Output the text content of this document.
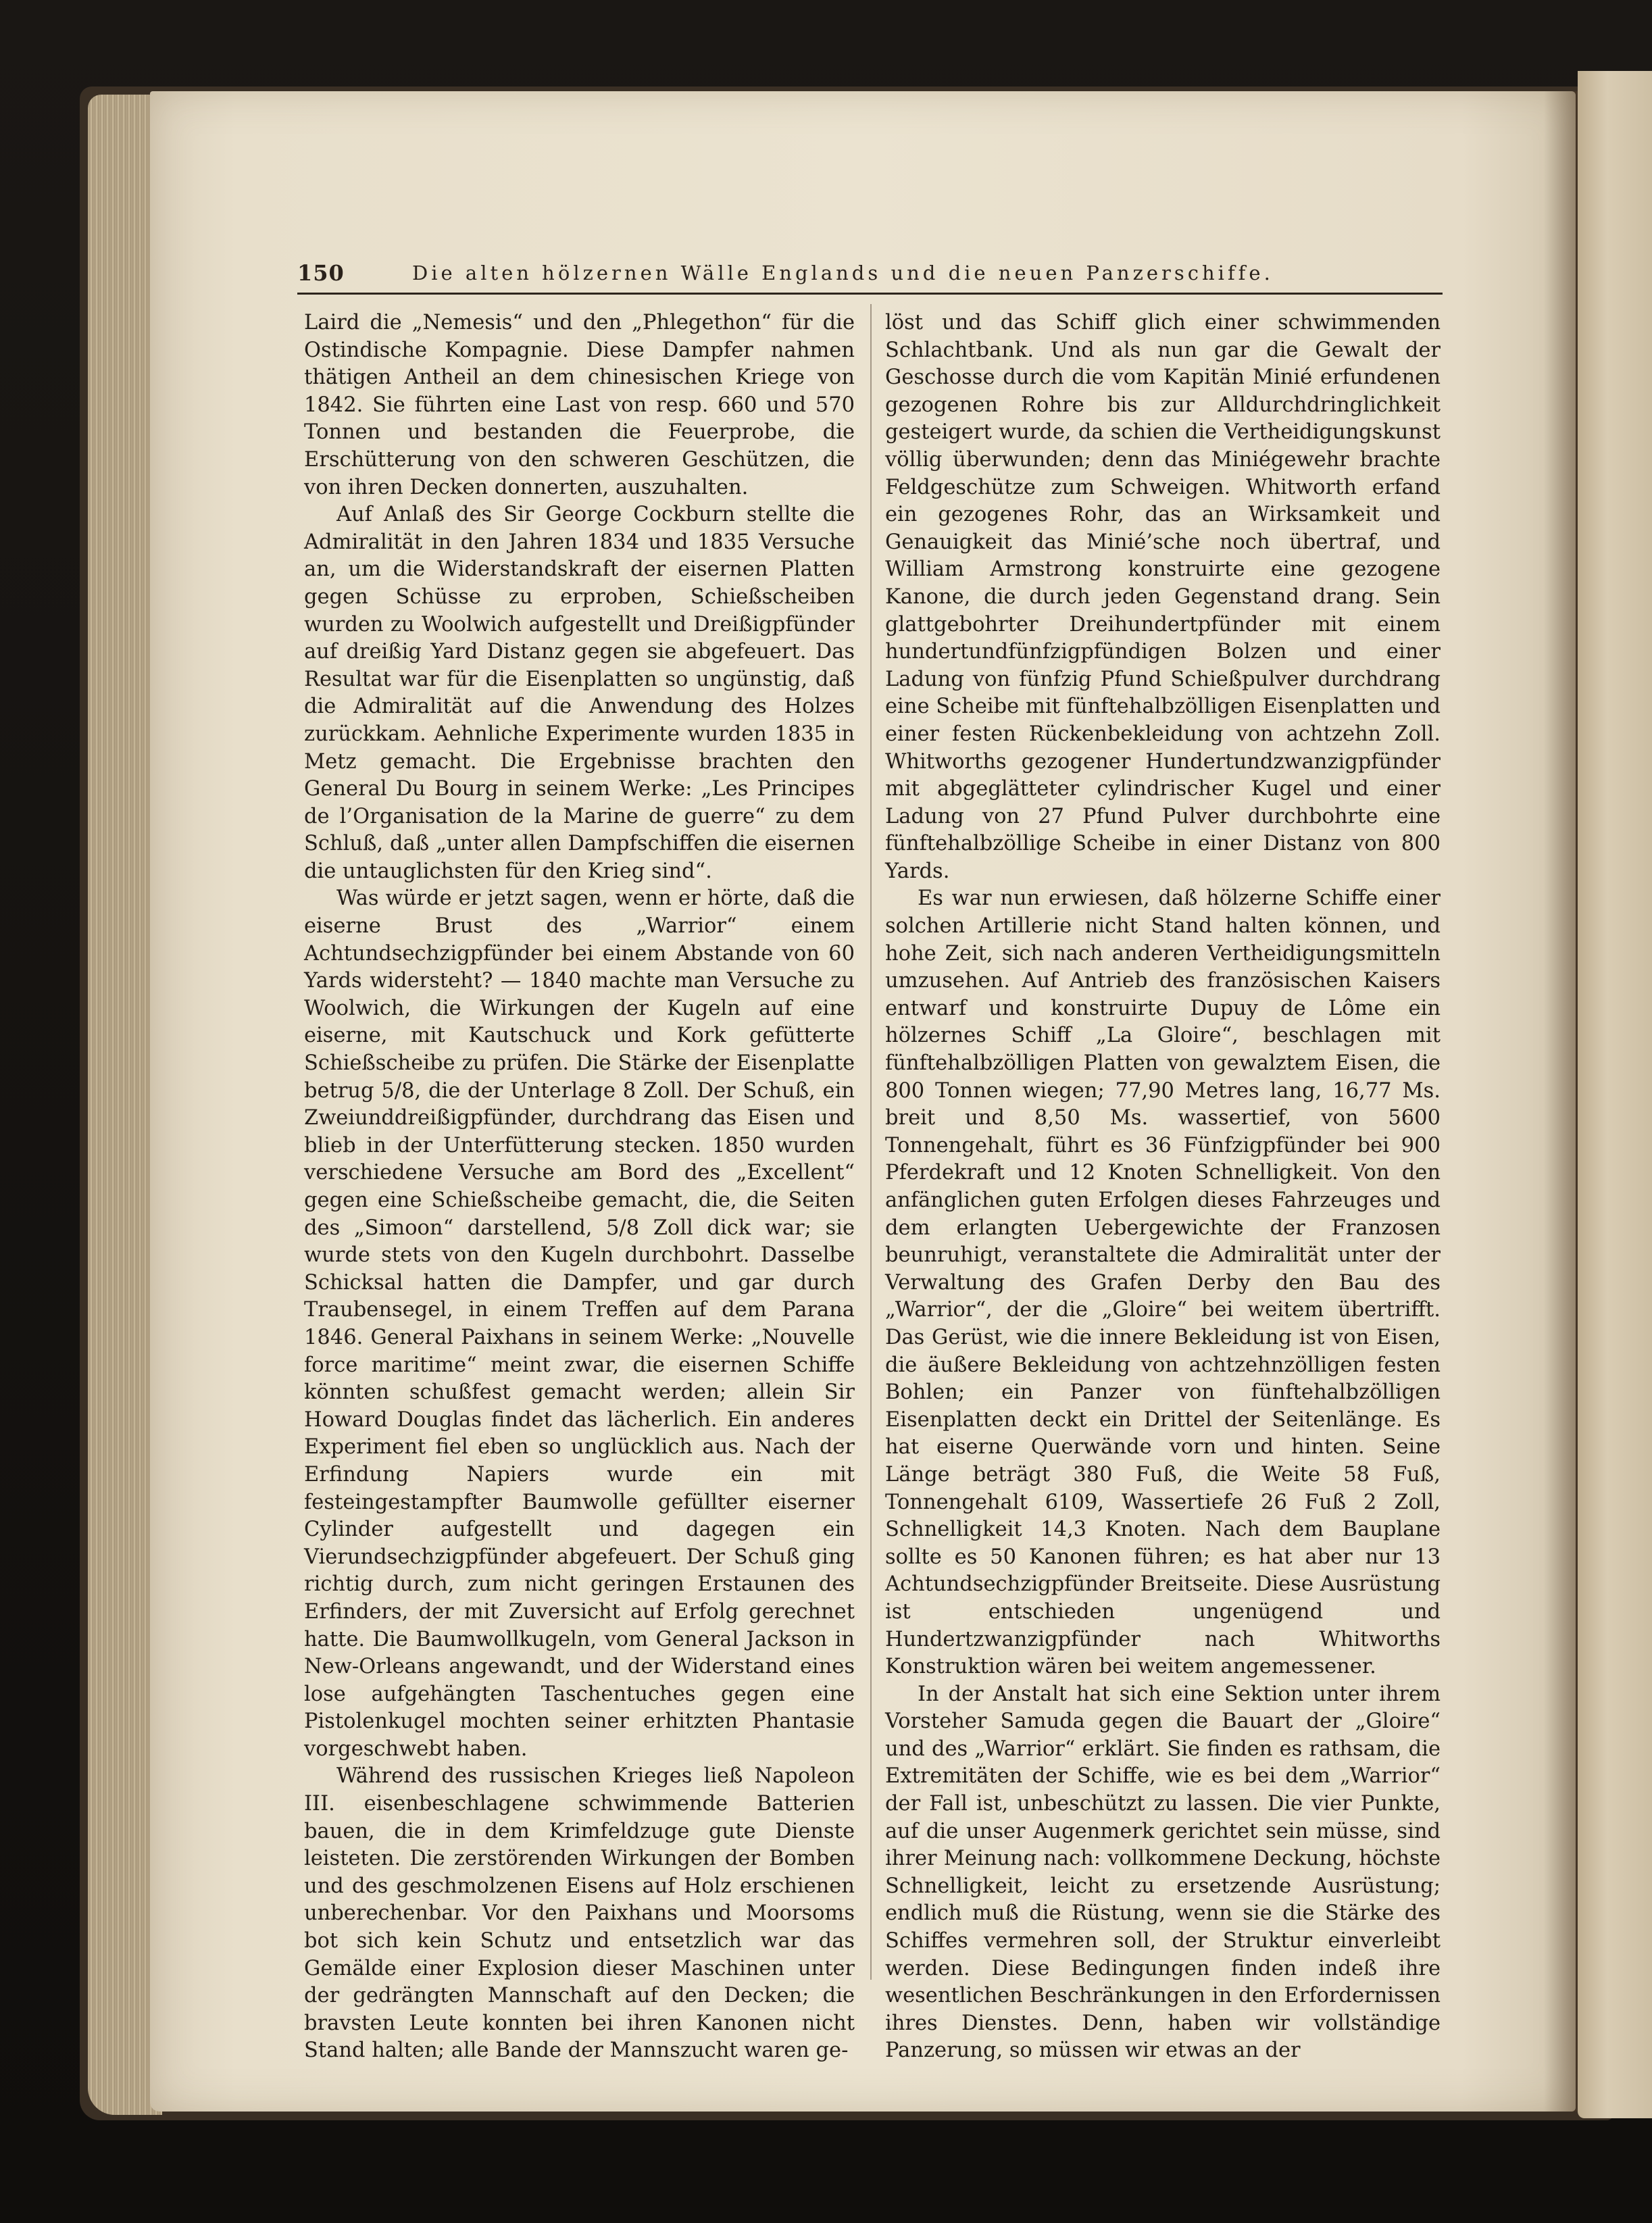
150	Die alten hölzernen Wälle Englands und die neuen Panzerschiffe.

Laird die „Nemesis“ und den „Phlegethon“ für die Ostindische Kompagnie. Diese Dampfer nahmen thätigen Antheil an dem chinesischen Kriege von 1842. Sie führten eine Last von resp. 660 und 570 Tonnen und bestanden die Feuerprobe, die Erschütterung von den schweren Geschützen, die von ihren Decken donnerten, auszuhalten.

Auf Anlaß des Sir George Cockburn stellte die Admiralität in den Jahren 1834 und 1835 Versuche an, um die Widerstandskraft der eisernen Platten gegen Schüsse zu erproben, Schießscheiben wurden zu Woolwich aufgestellt und Dreißigpfünder auf dreißig Yard Distanz gegen sie abgefeuert. Das Resultat war für die Eisenplatten so ungünstig, daß die Admiralität auf die Anwendung des Holzes zurückkam. Aehnliche Experimente wurden 1835 in Metz gemacht. Die Ergebnisse brachten den General Du Bourg in seinem Werke: „Les Principes de l’Organisation de la Marine de guerre“ zu dem Schluß, daß „unter allen Dampfschiffen die eisernen die untauglichsten für den Krieg sind“.

Was würde er jetzt sagen, wenn er hörte, daß die eiserne Brust des „Warrior“ einem Achtundsechzigpfünder bei einem Abstande von 60 Yards widersteht? — 1840 machte man Versuche zu Woolwich, die Wirkungen der Kugeln auf eine eiserne, mit Kautschuck und Kork gefütterte Schießscheibe zu prüfen. Die Stärke der Eisenplatte betrug 5/8, die der Unterlage 8 Zoll. Der Schuß, ein Zweiunddreißigpfünder, durchdrang das Eisen und blieb in der Unterfütterung stecken. 1850 wurden verschiedene Versuche am Bord des „Excellent“ gegen eine Schießscheibe gemacht, die, die Seiten des „Simoon“ darstellend, 5/8 Zoll dick war; sie wurde stets von den Kugeln durchbohrt. Dasselbe Schicksal hatten die Dampfer, und gar durch Traubensegel, in einem Treffen auf dem Parana 1846. General Paixhans in seinem Werke: „Nouvelle force maritime“ meint zwar, die eisernen Schiffe könnten schußfest gemacht werden; allein Sir Howard Douglas findet das lächerlich. Ein anderes Experiment fiel eben so unglücklich aus. Nach der Erfindung Napiers wurde ein mit festeingestampfter Baumwolle gefüllter eiserner Cylinder aufgestellt und dagegen ein Vierundsechzigpfünder abgefeuert. Der Schuß ging richtig durch, zum nicht geringen Erstaunen des Erfinders, der mit Zuversicht auf Erfolg gerechnet hatte. Die Baumwollkugeln, vom General Jackson in New-Orleans angewandt, und der Widerstand eines lose aufgehängten Taschentuches gegen eine Pistolenkugel mochten seiner erhitzten Phantasie vorgeschwebt haben.

Während des russischen Krieges ließ Napoleon III. eisenbeschlagene schwimmende Batterien bauen, die in dem Krimfeldzuge gute Dienste leisteten. Die zerstörenden Wirkungen der Bomben und des geschmolzenen Eisens auf Holz erschienen unberechenbar. Vor den Paixhans und Moorsoms bot sich kein Schutz und entsetzlich war das Gemälde einer Explosion dieser Maschinen unter der gedrängten Mannschaft auf den Decken; die bravsten Leute konnten bei ihren Kanonen nicht Stand halten; alle Bande der Mannszucht waren ge-

löst und das Schiff glich einer schwimmenden Schlachtbank. Und als nun gar die Gewalt der Geschosse durch die vom Kapitän Minié erfundenen gezogenen Rohre bis zur Alldurchdringlichkeit gesteigert wurde, da schien die Vertheidigungskunst völlig überwunden; denn das Miniégewehr brachte Feldgeschütze zum Schweigen. Whitworth erfand ein gezogenes Rohr, das an Wirksamkeit und Genauigkeit das Minié’sche noch übertraf, und William Armstrong konstruirte eine gezogene Kanone, die durch jeden Gegenstand drang. Sein glattgebohrter Dreihundertpfünder mit einem hundertundfünfzigpfündigen Bolzen und einer Ladung von fünfzig Pfund Schießpulver durchdrang eine Scheibe mit fünftehalbzölligen Eisenplatten und einer festen Rückenbekleidung von achtzehn Zoll. Whitworths gezogener Hundertundzwanzigpfünder mit abgeglätteter cylindrischer Kugel und einer Ladung von 27 Pfund Pulver durchbohrte eine fünftehalbzöllige Scheibe in einer Distanz von 800 Yards.

Es war nun erwiesen, daß hölzerne Schiffe einer solchen Artillerie nicht Stand halten können, und hohe Zeit, sich nach anderen Vertheidigungsmitteln umzusehen. Auf Antrieb des französischen Kaisers entwarf und konstruirte Dupuy de Lôme ein hölzernes Schiff „La Gloire“, beschlagen mit fünftehalbzölligen Platten von gewalztem Eisen, die 800 Tonnen wiegen; 77,90 Metres lang, 16,77 Ms. breit und 8,50 Ms. wassertief, von 5600 Tonnengehalt, führt es 36 Fünfzigpfünder bei 900 Pferdekraft und 12 Knoten Schnelligkeit. Von den anfänglichen guten Erfolgen dieses Fahrzeuges und dem erlangten Uebergewichte der Franzosen beunruhigt, veranstaltete die Admiralität unter der Verwaltung des Grafen Derby den Bau des „Warrior“, der die „Gloire“ bei weitem übertrifft. Das Gerüst, wie die innere Bekleidung ist von Eisen, die äußere Bekleidung von achtzehnzölligen festen Bohlen; ein Panzer von fünftehalbzölligen Eisenplatten deckt ein Drittel der Seitenlänge. Es hat eiserne Querwände vorn und hinten. Seine Länge beträgt 380 Fuß, die Weite 58 Fuß, Tonnengehalt 6109, Wassertiefe 26 Fuß 2 Zoll, Schnelligkeit 14,3 Knoten. Nach dem Bauplane sollte es 50 Kanonen führen; es hat aber nur 13 Achtundsechzigpfünder Breitseite. Diese Ausrüstung ist entschieden ungenügend und Hundertzwanzigpfünder nach Whitworths Konstruktion wären bei weitem angemessener.

In der Anstalt hat sich eine Sektion unter ihrem Vorsteher Samuda gegen die Bauart der „Gloire“ und des „Warrior“ erklärt. Sie finden es rathsam, die Extremitäten der Schiffe, wie es bei dem „Warrior“ der Fall ist, unbeschützt zu lassen. Die vier Punkte, auf die unser Augenmerk gerichtet sein müsse, sind ihrer Meinung nach: vollkommene Deckung, höchste Schnelligkeit, leicht zu ersetzende Ausrüstung; endlich muß die Rüstung, wenn sie die Stärke des Schiffes vermehren soll, der Struktur einverleibt werden. Diese Bedingungen finden indeß ihre wesentlichen Beschränkungen in den Erfordernissen ihres Dienstes. Denn, haben wir vollständige Panzerung, so müssen wir etwas an der
